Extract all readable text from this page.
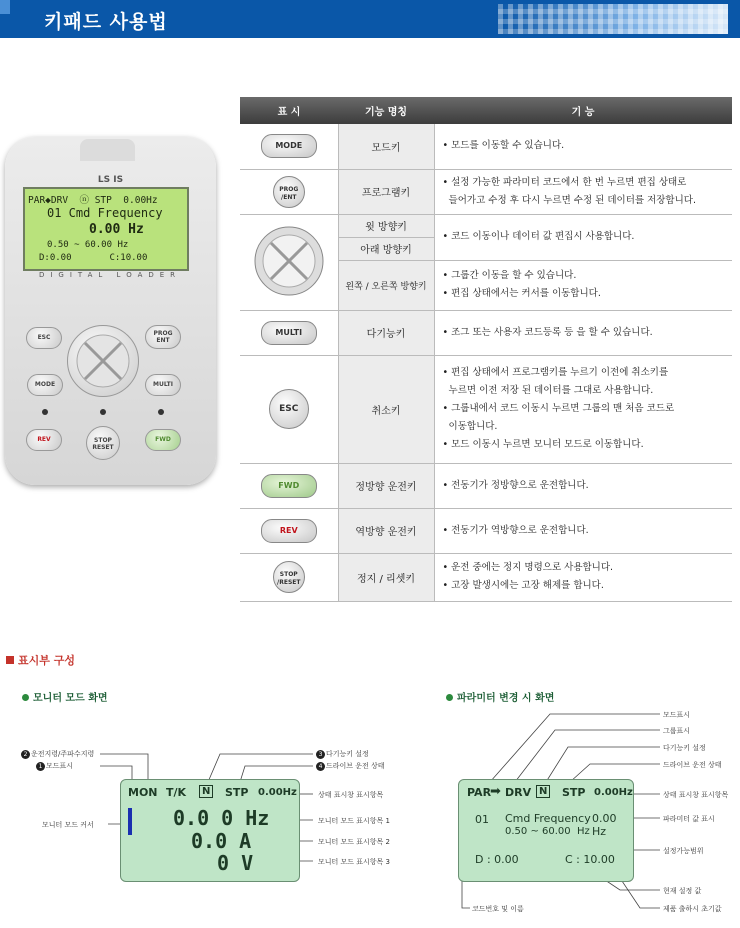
키패드 사용법
LS IS
PAR◆DRV  ⓝ STP  0.00Hz
01 Cmd Frequency
0.00 Hz
0.50 ~ 60.00 Hz
D:0.00       C:10.00
DIGITAL LOADER
ESC
PROG
ENT
MODE	MULTI
REV	STOP
RESET
FWD
표 시	기능 명칭	기 능
MODE	모드키	• 모드를 이동할 수 있습니다.

PROG /ENT	프로그램키	• 설정 가능한 파라미터 코드에서 한 번 누르면 편집 상태로
들어가고 수정 후 다시 누르면 수정 된 데이터를 저장합니다.

	윗 방향키	• 코드 이동이나 데이터 값 편집시 사용합니다.

	아래 방향키	
	왼쪽 / 오른쪽 방향키	• 그룹간 이동을 할 수 있습니다.
• 편집 상태에서는 커서를 이동합니다.

MULTI	다기능키	• 조그 또는 사용자 코드등록 등 을 할 수 있습니다.

ESC	취소키	• 편집 상태에서 프로그램키를 누르기 이전에 취소키를
누르면 이전 저장 된 데이터를 그대로 사용합니다.
• 그룹내에서 코드 이동시 누르면 그룹의 맨 처음 코드로
이동합니다.
• 모드 이동시 누르면 모니터 모드로 이동합니다.

FWD	정방향 운전키	• 전동기가 정방향으로 운전합니다.

REV	역방향 운전키	• 전동기가 역방향으로 운전합니다.

STOP /RESET	정지 / 리셋키	• 운전 중에는 정지 명령으로 사용합니다.
• 고장 발생시에는 고장 해제를 합니다.
표시부 구성
모니터 모드 화면
2 운전지령/주파수지령
1 모드표시
3 다기능키 설정
4 드라이브 운전 상태
상태 표시창 표시항목
모니터 모드 커서	모니터 모드 표시항목 1
모니터 모드 표시항목 2
모니터 모드 표시항목 3
MON T/K	N STP 0.00Hz
0.0 0 Hz
0.0 A
0 V
파라미터 변경 시 화면
모드표시
그룹표시
다기능키 설정
드라이브 운전 상태
상태 표시창 표시항목
파라미터 값 표시
설정가능범위
현재 설정 값
제품 출하시 초기값
코드번호 및 이름
PAR
➡ DRV N STP 0.00Hz
01 Cmd Frequency 0.00 Hz
0.50 ~ 60.00  Hz
D : 0.00	C : 10.00
